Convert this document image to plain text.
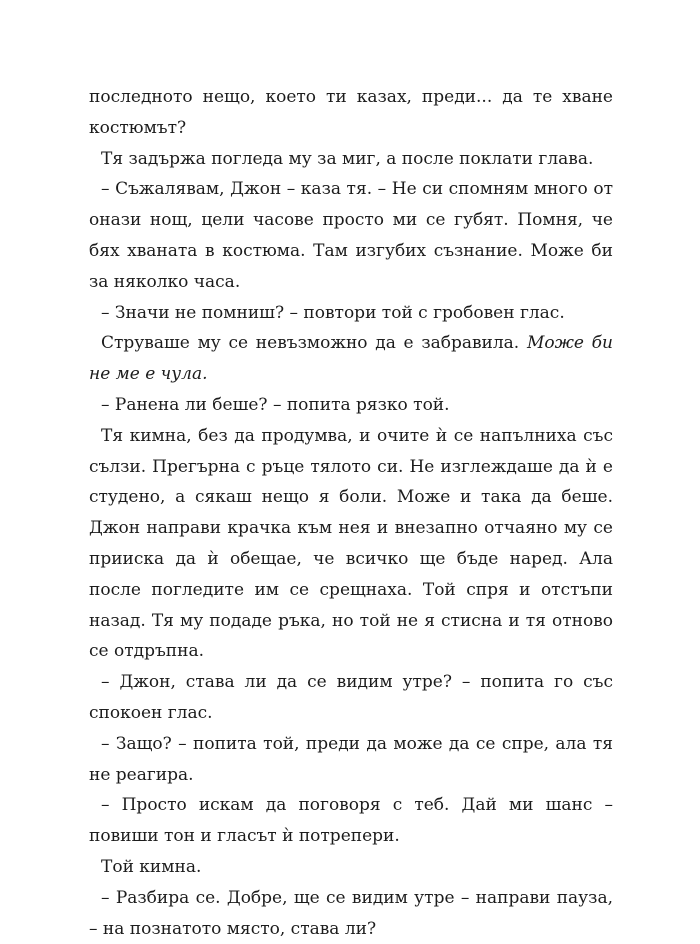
последното нещо, което ти казах, преди... да те хване костюмът?

Тя задържа погледа му за миг, а после поклати глава.

– Съжалявам, Джон – каза тя. – Не си спомням много от онази нощ, цели часове просто ми се губят. Помня, че бях хваната в костюма. Там изгубих съзнание. Може би за няколко часа.

– Значи не помниш? – повтори той с гробовен глас.

Струваше му се невъзможно да е забравила. Може би не ме е чула.

– Ранена ли беше? – попита рязко той.

Тя кимна, без да продумва, и очите ѝ се напълниха със сълзи. Прегърна с ръце тялото си. Не изглеждаше да ѝ е студено, а сякаш нещо я боли. Може и така да беше. Джон направи крачка към нея и внезапно отчаяно му се прииска да ѝ обещае, че всичко ще бъде наред. Ала после погледите им се срещнаха. Той спря и отстъпи назад. Тя му подаде ръка, но той не я стисна и тя отново се отдръпна.

– Джон, става ли да се видим утре? – попита го със спокоен глас.

– Защо? – попита той, преди да може да се спре, ала тя не реагира.

– Просто искам да поговоря с теб. Дай ми шанс – повиши тон и гласът ѝ потрепери.

Той кимна.

– Разбира се. Добре, ще се видим утре – направи пауза, – на познатото място, става ли?
